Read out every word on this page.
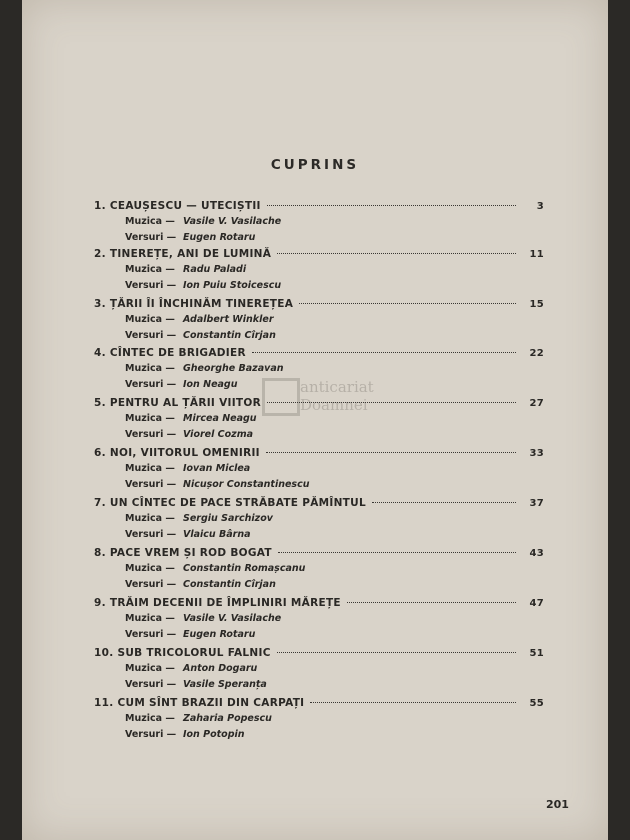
CUPRINS
anticariat Doamnei
1. CEAUȘESCU — UTECIȘTII	3
Muzica — Vasile V. Vasilache
Versuri — Eugen Rotaru
2. TINEREȚE, ANI DE LUMINĂ	11
Muzica — Radu Paladi
Versuri — Ion Puiu Stoicescu
3. ȚĂRII ÎI ÎNCHINĂM TINEREȚEA	15
Muzica — Adalbert Winkler
Versuri — Constantin Cîrjan
4. CÎNTEC DE BRIGADIER	22
Muzica — Gheorghe Bazavan
Versuri — Ion Neagu
5. PENTRU AL ȚĂRII VIITOR	27
Muzica — Mircea Neagu
Versuri — Viorel Cozma
6. NOI, VIITORUL OMENIRII	33
Muzica — Iovan Miclea
Versuri — Nicușor Constantinescu
7. UN CÎNTEC DE PACE STRĂBATE PĂMÎNTUL	37
Muzica — Sergiu Sarchizov
Versuri — Vlaicu Bârna
8. PACE VREM ȘI ROD BOGAT	43
Muzica — Constantin Romașcanu
Versuri — Constantin Cîrjan
9. TRĂIM DECENII DE ÎMPLINIRI MĂREȚE	47
Muzica — Vasile V. Vasilache
Versuri — Eugen Rotaru
10. SUB TRICOLORUL FALNIC	51
Muzica — Anton Dogaru
Versuri — Vasile Speranța
11. CUM SÎNT BRAZII DIN CARPAȚI	55
Muzica — Zaharia Popescu
Versuri — Ion Potopin
201
